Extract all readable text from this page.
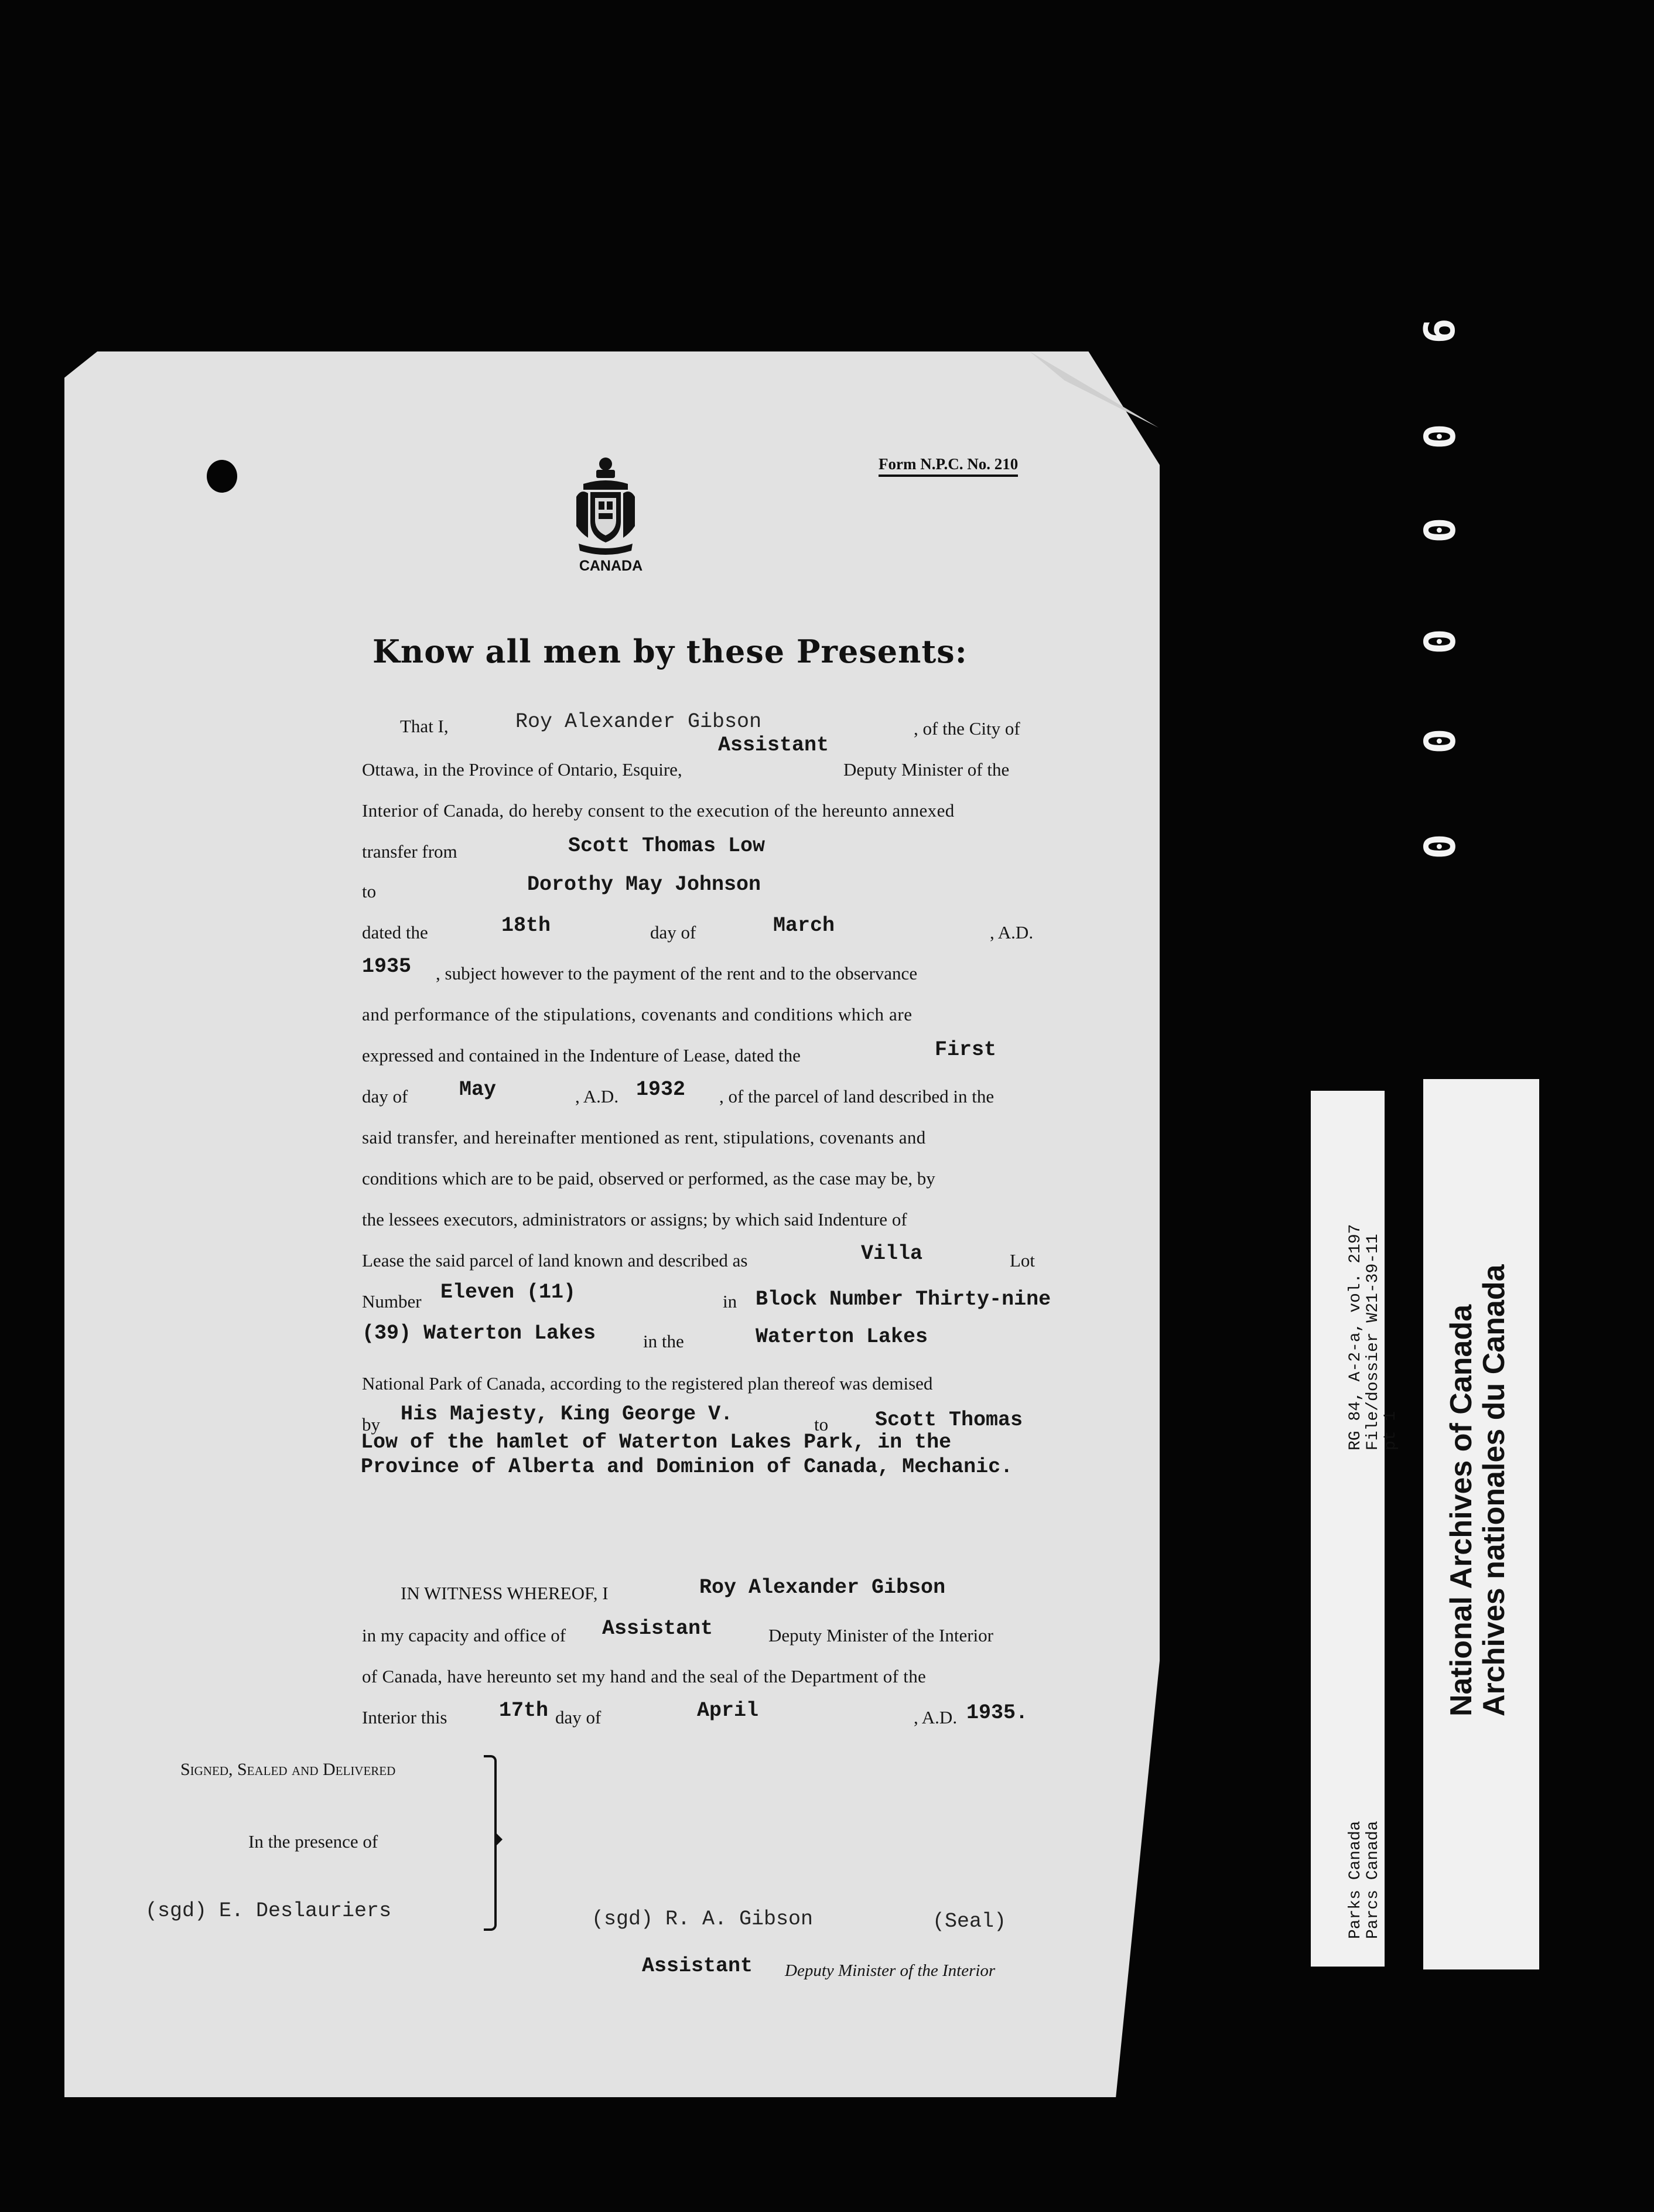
Form N.P.C. No. 210
CANADA
Know all men by these Presents:
That I,	Roy Alexander Gibson	, of the City of
Assistant
Ottawa, in the Province of Ontario, Esquire,	Deputy Minister of the
Interior of Canada, do hereby consent to the execution of the hereunto annexed
transfer from	Scott Thomas Low
to	Dorothy May Johnson
dated the	18th	day of	March	, A.D.
1935 , subject however to the payment of the rent and to the observance
and performance of the stipulations, covenants and conditions which are
expressed and contained in the Indenture of Lease, dated the	First
day of	May	, A.D. 1932 , of the parcel of land described in the
said transfer, and hereinafter mentioned as rent, stipulations, covenants and
conditions which are to be paid, observed or performed, as the case may be, by
the lessees executors, administrators or assigns; by which said Indenture of
Lease the said parcel of land known and described as	Villa	Lot
Number Eleven (11)	in Block Number Thirty-nine
(39) Waterton Lakes	in the	Waterton Lakes
National Park of Canada, according to the registered plan thereof was demised
by His Majesty, King George V.	to Scott Thomas
Low of the hamlet of Waterton Lakes Park, in the
Province of Alberta and Dominion of Canada, Mechanic.
IN WITNESS WHEREOF, I	Roy Alexander Gibson
in my capacity and office of Assistant	Deputy Minister of the Interior
of Canada, have hereunto set my hand and the seal of the Department of the
Interior this	17th day of	April	, A.D. 1935.
Signed, Sealed and Delivered
In the presence of
(sgd) E. Deslauriers	(sgd) R. A. Gibson	(Seal)
Assistant Deputy Minister of the Interior
9
0
0
0
0
0
RG 84, A-2-a, vol. 2197 File/dossier W21-39-11 pt 1
Parks Canada Parcs Canada
National Archives of Canada
Archives nationales du Canada
